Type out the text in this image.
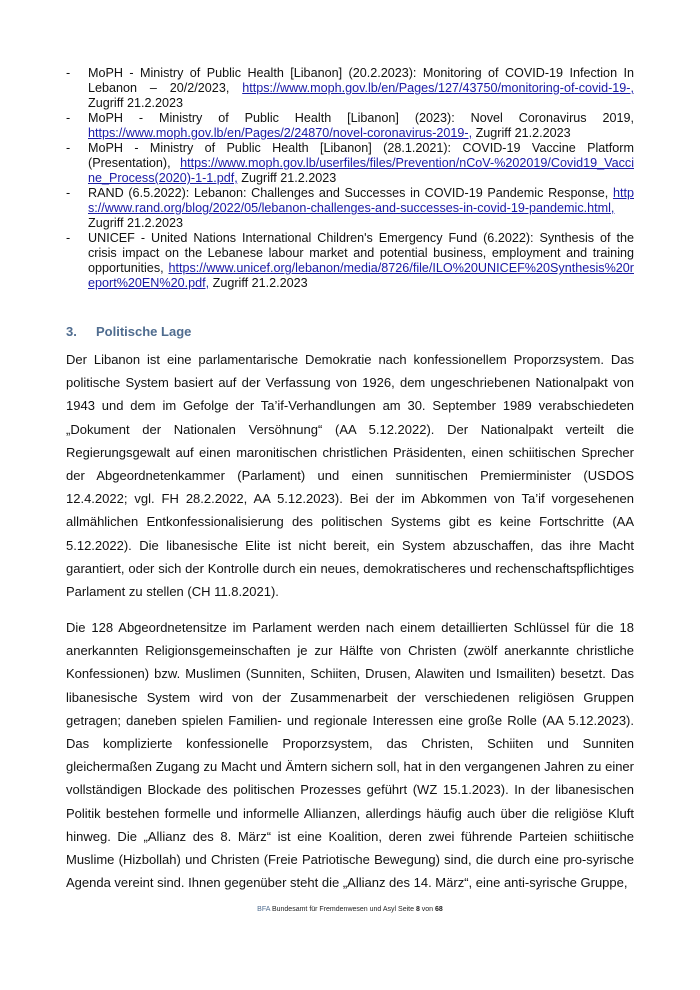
-	MoPH - Ministry of Public Health [Libanon] (20.2.2023): Monitoring of COVID-19 Infection In Lebanon – 20/2/2023, https://www.moph.gov.lb/en/Pages/127/43750/monitoring-of-covid-19-, Zugriff 21.2.2023
-	MoPH - Ministry of Public Health [Libanon] (2023): Novel Coronavirus 2019, https://www.moph.gov.lb/en/Pages/2/24870/novel-coronavirus-2019-, Zugriff 21.2.2023
-	MoPH - Ministry of Public Health [Libanon] (28.1.2021): COVID-19 Vaccine Platform (Presentation), https://www.moph.gov.lb/userfiles/files/Prevention/nCoV-%202019/Covid19_Vaccine_Process(2020)-1-1.pdf, Zugriff 21.2.2023
-	RAND (6.5.2022): Lebanon: Challenges and Successes in COVID-19 Pandemic Response, https://www.rand.org/blog/2022/05/lebanon-challenges-and-successes-in-covid-19-pandemic.html, Zugriff 21.2.2023
-	UNICEF - United Nations International Children's Emergency Fund (6.2022): Synthesis of the crisis impact on the Lebanese labour market and potential business, employment and training opportunities, https://www.unicef.org/lebanon/media/8726/file/ILO%20UNICEF%20Synthesis%20report%20EN%20.pdf, Zugriff 21.2.2023
3. Politische Lage
Der Libanon ist eine parlamentarische Demokratie nach konfessionellem Proporzsystem. Das politische System basiert auf der Verfassung von 1926, dem ungeschriebenen Nationalpakt von 1943 und dem im Gefolge der Ta’if-Verhandlungen am 30. September 1989 verabschiedeten „Dokument der Nationalen Versöhnung“ (AA 5.12.2022). Der Nationalpakt verteilt die Regierungsgewalt auf einen maronitischen christlichen Präsidenten, einen schiitischen Sprecher der Abgeordnetenkammer (Parlament) und einen sunnitischen Premierminister (USDOS 12.4.2022; vgl. FH 28.2.2022, AA 5.12.2023). Bei der im Abkommen von Ta’if vorgesehenen allmählichen Entkonfessionalisierung des politischen Systems gibt es keine Fortschritte (AA 5.12.2022). Die libanesische Elite ist nicht bereit, ein System abzuschaffen, das ihre Macht garantiert, oder sich der Kontrolle durch ein neues, demokratischeres und rechenschaftspflichtiges Parlament zu stellen (CH 11.8.2021).
Die 128 Abgeordnetensitze im Parlament werden nach einem detaillierten Schlüssel für die 18 anerkannten Religionsgemeinschaften je zur Hälfte von Christen (zwölf anerkannte christliche Konfessionen) bzw. Muslimen (Sunniten, Schiiten, Drusen, Alawiten und Ismailiten) besetzt. Das libanesische System wird von der Zusammenarbeit der verschiedenen religiösen Gruppen getragen; daneben spielen Familien- und regionale Interessen eine große Rolle (AA 5.12.2023). Das komplizierte konfessionelle Proporzsystem, das Christen, Schiiten und Sunniten gleichermaßen Zugang zu Macht und Ämtern sichern soll, hat in den vergangenen Jahren zu einer vollständigen Blockade des politischen Prozesses geführt (WZ 15.1.2023). In der libanesischen Politik bestehen formelle und informelle Allianzen, allerdings häufig auch über die religiöse Kluft hinweg. Die „Allianz des 8. März“ ist eine Koalition, deren zwei führende Parteien schiitische Muslime (Hizbollah) und Christen (Freie Patriotische Bewegung) sind, die durch eine pro-syrische Agenda vereint sind. Ihnen gegenüber steht die „Allianz des 14. März“, eine anti-syrische Gruppe,
BFA Bundesamt für Fremdenwesen und Asyl Seite 8 von 68
